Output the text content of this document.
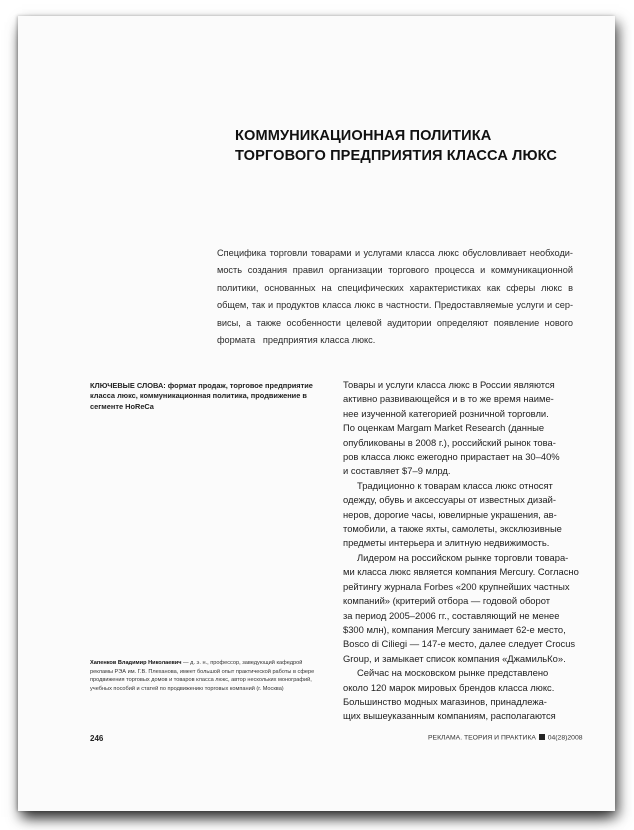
КОММУНИКАЦИОННАЯ ПОЛИТИКА
ТОРГОВОГО ПРЕДПРИЯТИЯ КЛАССА ЛЮКС
Специфика торговли товарами и услугами класса люкс обусловливает необходи-
мость создания правил организации торгового процесса и коммуникационной
политики, основанных на специфических характеристиках как сферы люкс в
общем, так и продуктов класса люкс в частности. Предоставляемые услуги и сер-
висы, а также особенности целевой аудитории определяют появление нового
формата   предприятия класса люкс.
КЛЮЧЕВЫЕ СЛОВА: формат продаж, торговое предприятие
класса люкс, коммуникационная политика, продвижение в
сегменте HoReCa
Хапенков Владимир Николаевич — д. э. н., профессор, заведующий кафедрой
рекламы РЭА им. Г.В. Плеханова, имеет большой опыт практической работы в сфере
продвижения торговых домов и товаров класса люкс, автор нескольких монографий,
учебных пособий и статей по продвижению торговых компаний (г. Москва)
Товары и услуги класса люкс в России являются
активно развивающейся и в то же время наиме-
нее изученной категорией розничной торговли.
По оценкам Margam Market Research (данные
опубликованы в 2008 г.), российский рынок това-
ров класса люкс ежегодно прирастает на 30–40%
и составляет $7–9 млрд.
Традиционно к товарам класса люкс относят
одежду, обувь и аксессуары от известных дизай-
неров, дорогие часы, ювелирные украшения, ав-
томобили, а также яхты, самолеты, эксклюзивные
предметы интерьера и элитную недвижимость.
Лидером на российском рынке торговли товара-
ми класса люкс является компания Mercury. Согласно
рейтингу журнала Forbes «200 крупнейших частных
компаний» (критерий отбора — годовой оборот
за период 2005–2006 гг., составляющий не менее
$300 млн), компания Mercury занимает 62-е место,
Bosco di Ciliegi — 147-е место, далее следует Crocus
Group, и замыкает список компания «ДжамильКо».
Сейчас на московском рынке представлено
около 120 марок мировых брендов класса люкс.
Большинство модных магазинов, принадлежа-
щих вышеуказанным компаниям, располагаются
246	РЕКЛАМА. ТЕОРИЯ И ПРАКТИКА 04(28)2008
